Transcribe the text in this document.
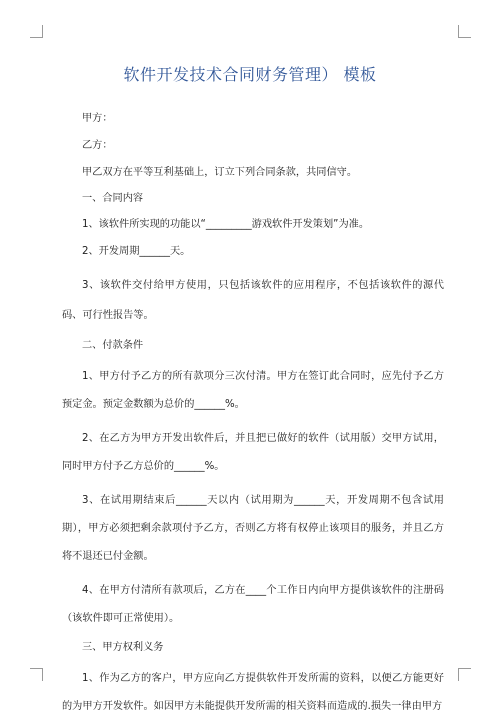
软件开发技术合同财务管理） 模板

甲方：

乙方：

甲乙双方在平等互利基础上，订立下列合同条款，共同信守。

一、合同内容

1、该软件所实现的功能以“_________游戏软件开发策划”为准。

2、开发周期______天。

3、该软件交付给甲方使用，只包括该软件的应用程序，不包括该软件的源代码、可行性报告等。

二、付款条件

1、甲方付予乙方的所有款项分三次付清。甲方在签订此合同时，应先付予乙方预定金。预定金数额为总价的______%。

2、在乙方为甲方开发出软件后，并且把已做好的软件（试用版）交甲方试用，同时甲方付予乙方总价的______%。

3、在试用期结束后______天以内（试用期为______天，开发周期不包含试用期），甲方必须把剩余款项付予乙方，否则乙方将有权停止该项目的服务，并且乙方将不退还已付金额。

4、在甲方付清所有款项后，乙方在____个工作日内向甲方提供该软件的注册码（该软件即可正常使用）。

三、甲方权利义务

1、作为乙方的客户，甲方应向乙方提供软件开发所需的资料，以便乙方能更好的为甲方开发软件。如因甲方未能提供开发所需的相关资料而造成的.损失一律由甲方
